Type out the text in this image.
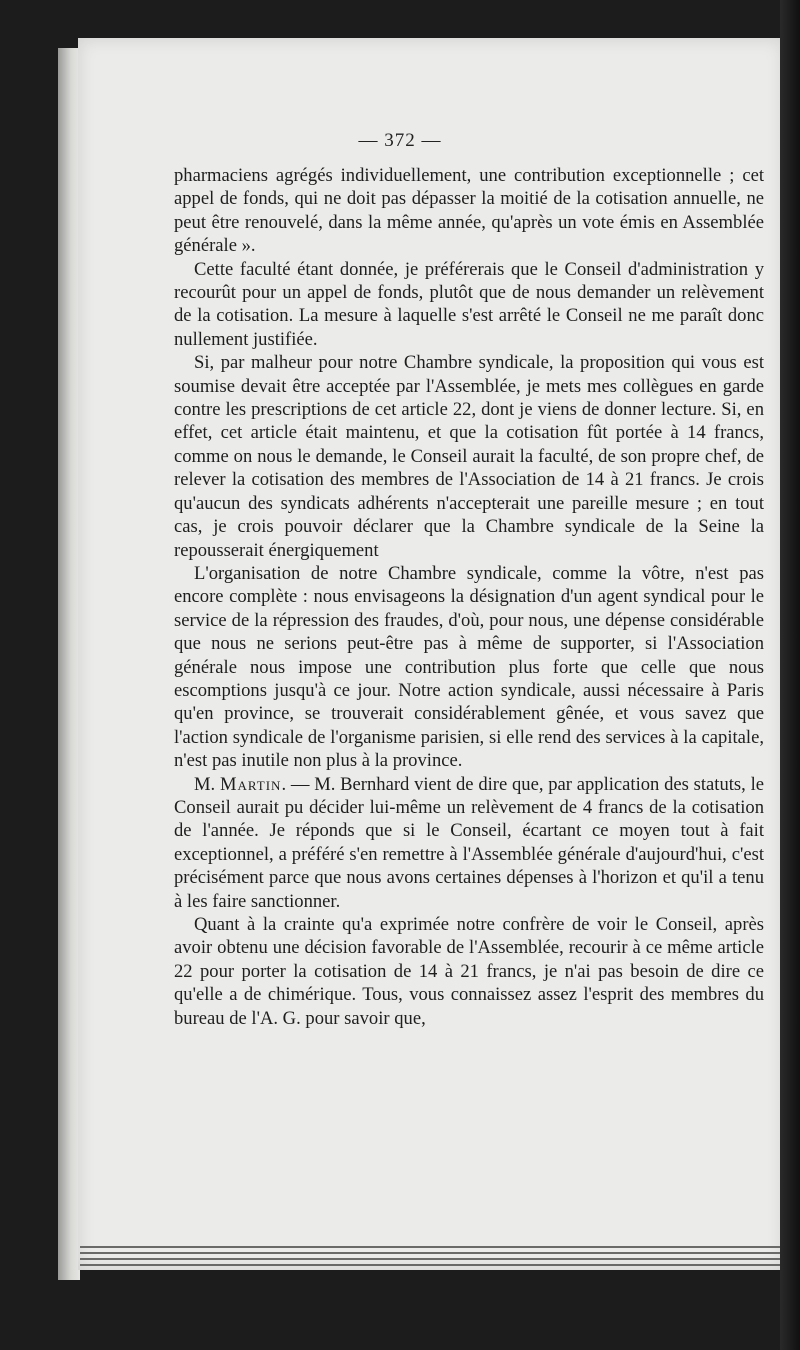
— 372 —

pharmaciens agrégés individuellement, une contribution exceptionnelle ; cet appel de fonds, qui ne doit pas dépasser la moitié de la cotisation annuelle, ne peut être renouvelé, dans la même année, qu'après un vote émis en Assemblée générale ».

Cette faculté étant donnée, je préférerais que le Conseil d'administration y recourût pour un appel de fonds, plutôt que de nous demander un relèvement de la cotisation. La mesure à laquelle s'est arrêté le Conseil ne me paraît donc nullement justifiée.

Si, par malheur pour notre Chambre syndicale, la proposition qui vous est soumise devait être acceptée par l'Assemblée, je mets mes collègues en garde contre les prescriptions de cet article 22, dont je viens de donner lecture. Si, en effet, cet article était maintenu, et que la cotisation fût portée à 14 francs, comme on nous le demande, le Conseil aurait la faculté, de son propre chef, de relever la cotisation des membres de l'Association de 14 à 21 francs. Je crois qu'aucun des syndicats adhérents n'accepterait une pareille mesure ; en tout cas, je crois pouvoir déclarer que la Chambre syndicale de la Seine la repousserait énergiquement

L'organisation de notre Chambre syndicale, comme la vôtre, n'est pas encore complète : nous envisageons la désignation d'un agent syndical pour le service de la répression des fraudes, d'où, pour nous, une dépense considérable que nous ne serions peut-être pas à même de supporter, si l'Association générale nous impose une contribution plus forte que celle que nous escomptions jusqu'à ce jour. Notre action syndicale, aussi nécessaire à Paris qu'en province, se trouverait considérablement gênée, et vous savez que l'action syndicale de l'organisme parisien, si elle rend des services à la capitale, n'est pas inutile non plus à la province.

M. Martin. — M. Bernhard vient de dire que, par application des statuts, le Conseil aurait pu décider lui-même un relèvement de 4 francs de la cotisation de l'année. Je réponds que si le Conseil, écartant ce moyen tout à fait exceptionnel, a préféré s'en remettre à l'Assemblée générale d'aujourd'hui, c'est précisément parce que nous avons certaines dépenses à l'horizon et qu'il a tenu à les faire sanctionner.

Quant à la crainte qu'a exprimée notre confrère de voir le Conseil, après avoir obtenu une décision favorable de l'Assemblée, recourir à ce même article 22 pour porter la cotisation de 14 à 21 francs, je n'ai pas besoin de dire ce qu'elle a de chimérique. Tous, vous connaissez assez l'esprit des membres du bureau de l'A. G. pour savoir que,
